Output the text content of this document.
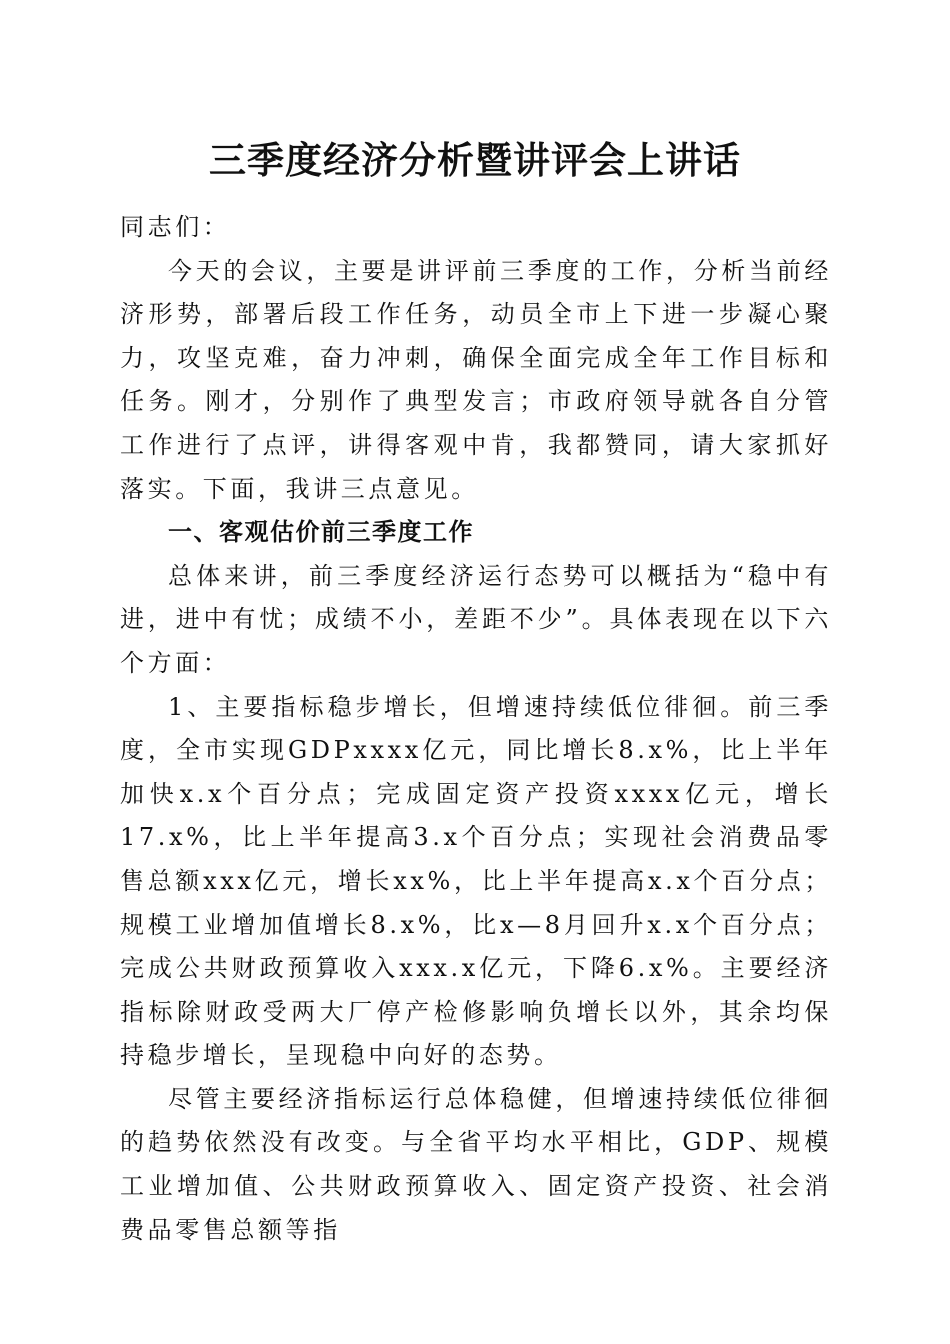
三季度经济分析暨讲评会上讲话

同志们：

今天的会议，主要是讲评前三季度的工作，分析当前经济形势，部署后段工作任务，动员全市上下进一步凝心聚力，攻坚克难，奋力冲刺，确保全面完成全年工作目标和任务。刚才，分别作了典型发言；市政府领导就各自分管工作进行了点评，讲得客观中肯，我都赞同，请大家抓好落实。下面，我讲三点意见。

一、客观估价前三季度工作

总体来讲，前三季度经济运行态势可以概括为“稳中有进，进中有忧；成绩不小，差距不少”。具体表现在以下六个方面：

1、主要指标稳步增长，但增速持续低位徘徊。前三季度，全市实现GDPxxxx亿元，同比增长8.x%，比上半年加快x.x个百分点；完成固定资产投资xxxx亿元，增长17.x%，比上半年提高3.x个百分点；实现社会消费品零售总额xxx亿元，增长xx%，比上半年提高x.x个百分点；规模工业增加值增长8.x%，比x—8月回升x.x个百分点；完成公共财政预算收入xxx.x亿元，下降6.x%。主要经济指标除财政受两大厂停产检修影响负增长以外，其余均保持稳步增长，呈现稳中向好的态势。

尽管主要经济指标运行总体稳健，但增速持续低位徘徊的趋势依然没有改变。与全省平均水平相比，GDP、规模工业增加值、公共财政预算收入、固定资产投资、社会消费品零售总额等指
